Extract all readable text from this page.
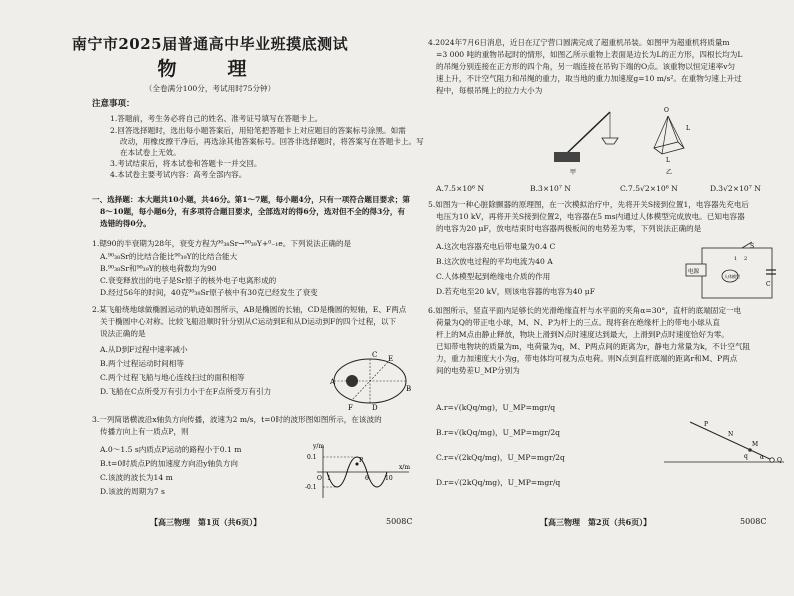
南宁市2025届普通高中毕业班摸底测试
物　理
（全卷满分100分，考试用时75分钟）
注意事项：
1.答题前，考生务必将自己的姓名、准考证号填写在答题卡上。
2.回答选择题时，选出每小题答案后，用铅笔把答题卡上对应题目的答案标号涂黑。如需
改动，用橡皮擦干净后，再选涂其他答案标号。回答非选择题时，将答案写在答题卡上。写
在本试卷上无效。
3.考试结束后，将本试卷和答题卡一并交回。
4.本试卷主要考试内容：高考全部内容。
一、选择题：本大题共10小题，共46分。第1～7题，每小题4分，只有一项符合题目要求；第
8～10题，每小题6分，有多项符合题目要求，全部选对的得6分，选对但不全的得3分，有
选错的得0分。
1.锶90的半衰期为28年，衰变方程为⁹⁰₃₈Sr→⁹⁰₃₉Y+⁰₋₁e。下列说法正确的是
A.⁹⁰₃₈Sr的比结合能比⁹⁰₃₉Y的比结合能大
B.⁹⁰₃₈Sr和⁹⁰₃₉Y的核电荷数均为90
C.衰变释放出的电子是Sr原子的核外电子电离形成的
D.经过56年的时间，40克⁹⁰₃₈Sr原子核中有30克已经发生了衰变
2.某飞船绕地球做椭圆运动的轨迹如图所示，AB是椭圆的长轴，CD是椭圆的短轴，E、F两点
关于椭圆中心对称。比较飞船沿顺时针分别从C运动到E和从D运动到F的四个过程，以下
说法正确的是
A.从D到F过程中速率减小
B.两个过程运动时间相等
C.两个过程飞船与地心连线扫过的面积相等
D.飞船在C点所受万有引力小于在F点所受万有引力
A
B
C
D
E
F
3.一列简谐横波沿x轴负方向传播，波速为2 m/s，t=0时的波形图如图所示，在该波的
传播方向上有一质点P，则
A.0～1.5 s内质点P运动的路程小于0.1 m
B.t=0时质点P的加速度方向沿y轴负方向
C.该波的波长为14 m
D.该波的周期为7 s
y/m
x/m
0.1
-0.1
O 1	6	10
P
【高三物理　第1页（共6页）】	5008C
4.2024年7月6日消息，近日在辽宁营口圆满完成了超重机吊装。如图甲为超重机将质量m
=3 000 吨的重物吊起时的情形，如图乙所示重物上表面是边长为L的正方形，四根长均为L
的吊绳分别连接在正方形的四个角，另一端连接在吊钩下端的O点。该重物以恒定速率v匀
速上升，不计空气阻力和吊绳的重力，取当地的重力加速度g=10 m/s²。在重物匀速上升过
程中，每根吊绳上的拉力大小为
甲
O
L
L
乙
A.7.5×10⁶ N	B.3×10⁷ N	C.7.5√2×10⁶ N	D.3√2×10⁷ N
5.如图为一种心脏除颤器的原理图，在一次模拟治疗中，先将开关S接到位置1，电容器先充电后
电压为10 kV，再将开关S接到位置2，电容器在5 ms内通过人体模型完成放电。已知电容器
的电容为20 μF，放电结束时电容器两极板间的电势差为零，下列说法正确的是
A.这次电容器充电后带电量为0.4 C
B.这次放电过程的平均电流为40 A
C.人体模型起到绝缘电介质的作用
D.若充电至20 kV，则该电容器的电容为40 μF
电源
人体模型
S
1 2
C
6.如图所示，竖直平面内足够长的光滑绝缘直杆与水平面的夹角α=30°，直杆的底端固定一电
荷量为Q的带正电小球，M、N、P为杆上的三点。现将套在绝缘杆上的带电小球从直
杆上的M点由静止释放，物块上滑到N点时速度达到最大，上滑到P点时速度恰好为零。
已知带电物块的质量为m，电荷量为q，M、P两点间的距离为r，静电力常量为k，不计空气阻
力，重力加速度大小为g，带电体均可视为点电荷。则N点到直杆底端的距离r和M、P两点
间的电势差U_MP分别为
A.r=√(kQq/mg)，U_MP=mgr/q
B.r=√(kQq/mg)，U_MP=mgr/2q
C.r=√(2kQq/mg)，U_MP=mgr/2q
D.r=√(2kQq/mg)，U_MP=mgr/q
P
N
M
q α Q
【高三物理　第2页（共6页）】	5008C
